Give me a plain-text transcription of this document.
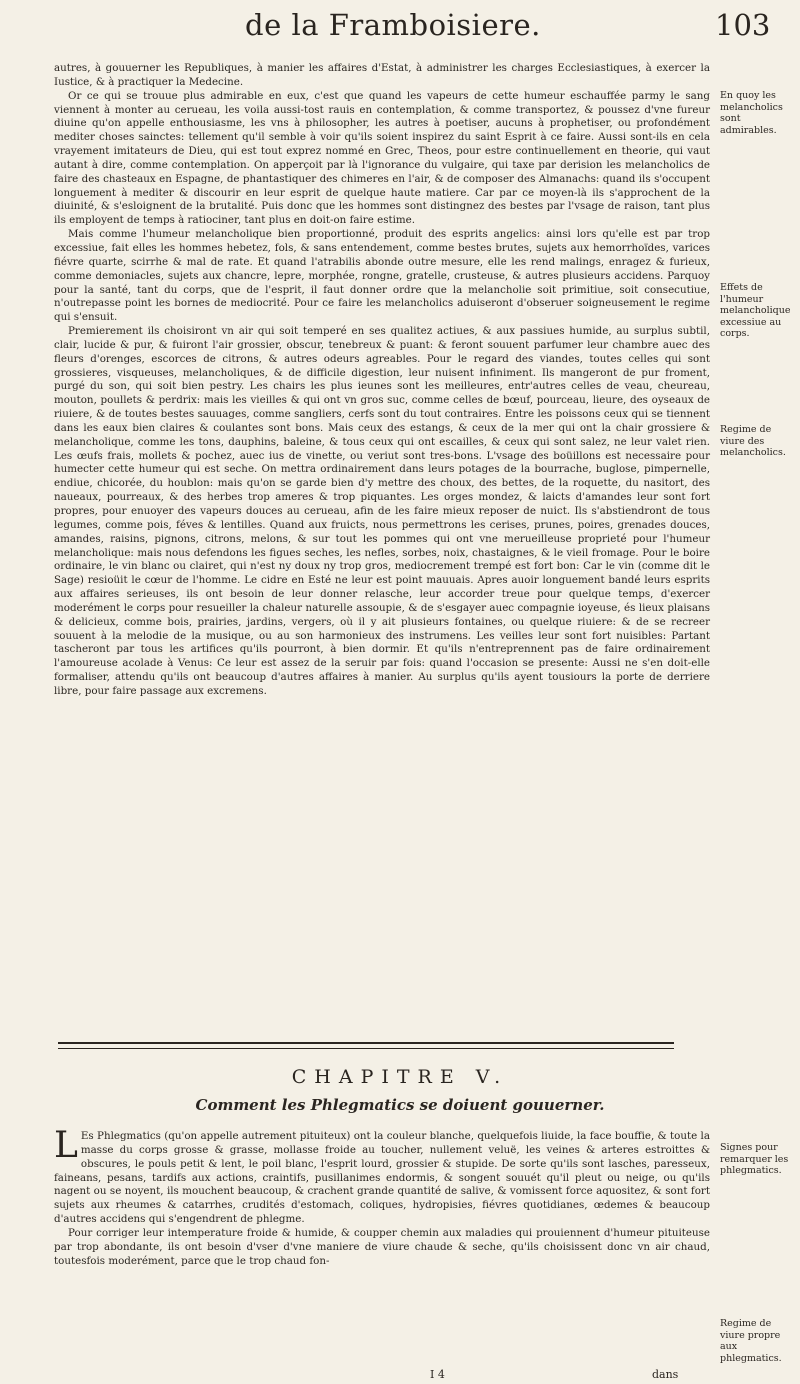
de la Framboisiere.	103

autres, à gouuerner les Republiques, à manier les affaires d'Estat, à administrer les charges Ecclesiastiques, à exercer la Iustice, & à practiquer la Medecine.

Or ce qui se trouue plus admirable en eux, c'est que quand les vapeurs de cette humeur eschauffée parmy le sang viennent à monter au cerueau, les voila aussi-tost rauis en contemplation, & comme transportez, & poussez d'vne fureur diuine qu'on appelle enthousiasme, les vns à philosopher, les autres à poetiser, aucuns à prophetiser, ou profondément mediter choses sainctes: tellement qu'il semble à voir qu'ils soient inspirez du saint Esprit à ce faire. Aussi sont-ils en cela vrayement imitateurs de Dieu, qui est tout exprez nommé en Grec, Theos, pour estre continuellement en theorie, qui vaut autant à dire, comme contemplation. On apperçoit par là l'ignorance du vulgaire, qui taxe par derision les melancholics de faire des chasteaux en Espagne, de phantastiquer des chimeres en l'air, & de composer des Almanachs: quand ils s'occupent longuement à mediter & discourir en leur esprit de quelque haute matiere. Car par ce moyen-là ils s'approchent de la diuinité, & s'esloignent de la brutalité. Puis donc que les hommes sont distingnez des bestes par l'vsage de raison, tant plus ils employent de temps à ratiociner, tant plus en doit-on faire estime.

Mais comme l'humeur melancholique bien proportionné, produit des esprits angelics: ainsi lors qu'elle est par trop excessiue, fait elles les hommes hebetez, fols, & sans entendement, comme bestes brutes, sujets aux hemorrhoïdes, varices fiévre quarte, scirrhe & mal de rate. Et quand l'atrabilis abonde outre mesure, elle les rend malings, enragez & furieux, comme demoniacles, sujets aux chancre, lepre, morphée, rongne, gratelle, crusteuse, & autres plusieurs accidens. Parquoy pour la santé, tant du corps, que de l'esprit, il faut donner ordre que la melancholie soit primitiue, soit consecutiue, n'outrepasse point les bornes de mediocrité. Pour ce faire les melancholics aduiseront d'obseruer soigneusement le regime qui s'ensuit.

Premierement ils choisiront vn air qui soit temperé en ses qualitez actiues, & aux passiues humide, au surplus subtil, clair, lucide & pur, & fuiront l'air grossier, obscur, tenebreux & puant: & feront souuent parfumer leur chambre auec des fleurs d'orenges, escorces de citrons, & autres odeurs agreables. Pour le regard des viandes, toutes celles qui sont grossieres, visqueuses, melancholiques, & de difficile digestion, leur nuisent infiniment. Ils mangeront de pur froment, purgé du son, qui soit bien pestry. Les chairs les plus ieunes sont les meilleures, entr'autres celles de veau, cheureau, mouton, poullets & perdrix: mais les vieilles & qui ont vn gros suc, comme celles de bœuf, pourceau, lieure, des oyseaux de riuiere, & de toutes bestes sauuages, comme sangliers, cerfs sont du tout contraires. Entre les poissons ceux qui se tiennent dans les eaux bien claires & coulantes sont bons. Mais ceux des estangs, & ceux de la mer qui ont la chair grossiere & melancholique, comme les tons, dauphins, baleine, & tous ceux qui ont escailles, & ceux qui sont salez, ne leur valet rien. Les œufs frais, mollets & pochez, auec ius de vinette, ou veriut sont tres-bons. L'vsage des boüillons est necessaire pour humecter cette humeur qui est seche. On mettra ordinairement dans leurs potages de la bourrache, buglose, pimpernelle, endiue, chicorée, du houblon: mais qu'on se garde bien d'y mettre des choux, des bettes, de la roquette, du nasitort, des naueaux, pourreaux, & des herbes trop ameres & trop piquantes. Les orges mondez, & laicts d'amandes leur sont fort propres, pour enuoyer des vapeurs douces au cerueau, afin de les faire mieux reposer de nuict. Ils s'abstiendront de tous legumes, comme pois, féves & lentilles. Quand aux fruicts, nous permettrons les cerises, prunes, poires, grenades douces, amandes, raisins, pignons, citrons, melons, & sur tout les pommes qui ont vne merueilleuse proprieté pour l'humeur melancholique: mais nous defendons les figues seches, les nefles, sorbes, noix, chastaignes, & le vieil fromage. Pour le boire ordinaire, le vin blanc ou clairet, qui n'est ny doux ny trop gros, mediocrement trempé est fort bon: Car le vin (comme dit le Sage) resioüit le cœur de l'homme. Le cidre en Esté ne leur est point mauuais. Apres auoir longuement bandé leurs esprits aux affaires serieuses, ils ont besoin de leur donner relasche, leur accorder treue pour quelque temps, d'exercer moderément le corps pour resueiller la chaleur naturelle assoupie, & de s'esgayer auec compagnie ioyeuse, és lieux plaisans & delicieux, comme bois, prairies, jardins, vergers, où il y ait plusieurs fontaines, ou quelque riuiere: & de se recreer souuent à la melodie de la musique, ou au son harmonieux des instrumens. Les veilles leur sont fort nuisibles: Partant tascheront par tous les artifices qu'ils pourront, à bien dormir. Et qu'ils n'entreprennent pas de faire ordinairement l'amoureuse acolade à Venus: Ce leur est assez de la seruir par fois: quand l'occasion se presente: Aussi ne s'en doit-elle formaliser, attendu qu'ils ont beaucoup d'autres affaires à manier. Au surplus qu'ils ayent tousiours la porte de derriere libre, pour faire passage aux excremens.

En quoy les melancholics sont admirables.
Effets de l'humeur melancholique excessiue au corps.
Regime de viure des melancholics.
CHAPITRE V.
Comment les Phlegmatics se doiuent gouuerner.

L Es Phlegmatics (qu'on appelle autrement pituiteux) ont la couleur blanche, quelquefois liuide, la face bouffie, & toute la masse du corps grosse & grasse, mollasse froide au toucher, nullement veluë, les veines & arteres estroittes & obscures, le pouls petit & lent, le poil blanc, l'esprit lourd, grossier & stupide. De sorte qu'ils sont lasches, paresseux, faineans, pesans, tardifs aux actions, craintifs, pusillanimes endormis, & songent souuét qu'il pleut ou neige, ou qu'ils nagent ou se noyent, ils mouchent beaucoup, & crachent grande quantité de salive, & vomissent force aquositez, & sont fort sujets aux rheumes & catarrhes, crudités d'estomach, coliques, hydropisies, fiévres quotidianes, œdemes & beaucoup d'autres accidens qui s'engendrent de phlegme.

Pour corriger leur intemperature froide & humide, & coupper chemin aux maladies qui prouiennent d'humeur pituiteuse par trop abondante, ils ont besoin d'vser d'vne maniere de viure chaude & seche, qu'ils choisissent donc vn air chaud, toutesfois moderément, parce que le trop chaud fon-

Signes pour remarquer les phlegmatics.
Regime de viure propre aux phlegmatics.
I 4	dans
